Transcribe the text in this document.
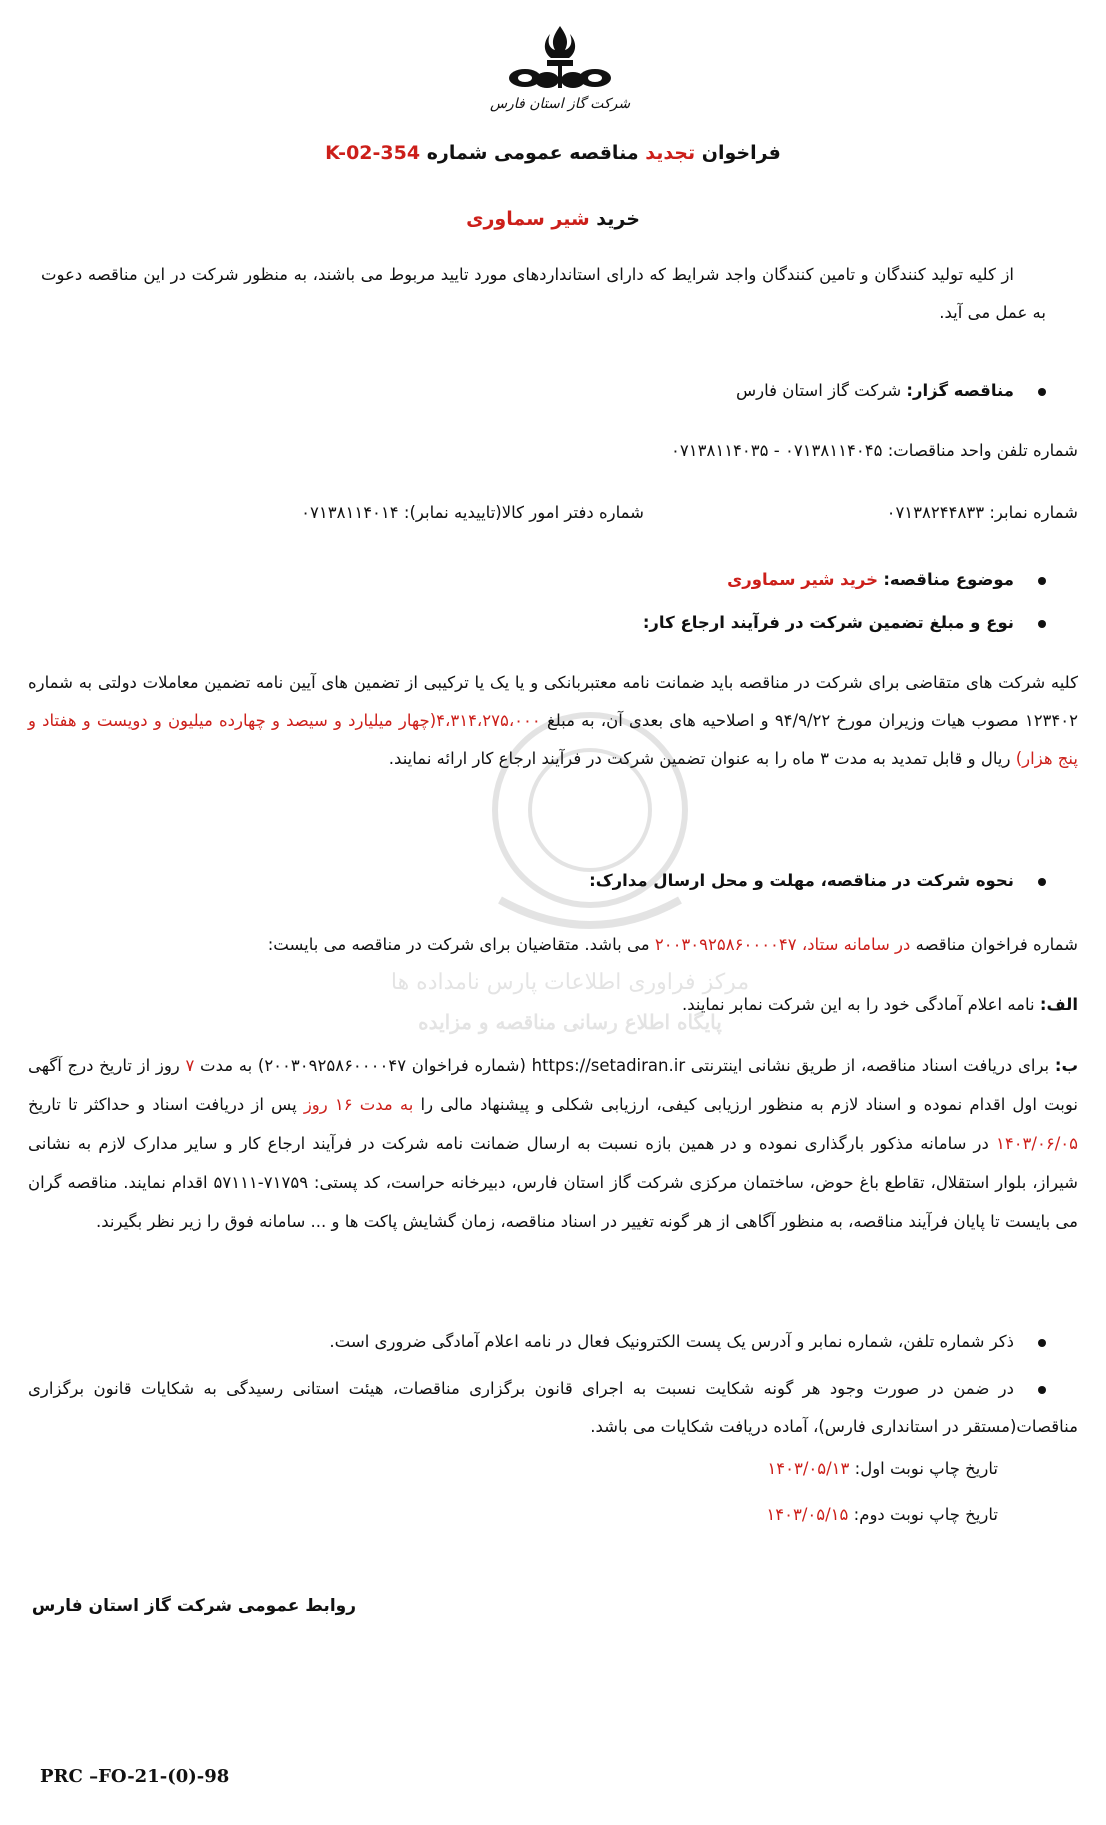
شرکت گاز استان فارس
مرکز فراوری اطلاعات پارس نامداده ها
پایگاه اطلاع رسانی مناقصه و مزایده
فراخوان تجدید مناقصه عمومی شماره K-02-354
خرید شیر سماوری
از کلیه تولید کنندگان و تامین کنندگان واجد شرایط که دارای استانداردهای مورد تایید مربوط می باشند، به منظور شرکت در این مناقصه دعوت به عمل می آید.
مناقصه گزار: شرکت گاز استان فارس
شماره تلفن واحد مناقصات: ۰۷۱۳۸۱۱۴۰۴۵ - ۰۷۱۳۸۱۱۴۰۳۵
شماره نمابر: ۰۷۱۳۸۲۴۴۸۳۳
شماره دفتر امور کالا(تاییدیه نمابر): ۰۷۱۳۸۱۱۴۰۱۴
موضوع مناقصه: خرید شیر سماوری
نوع و مبلغ تضمین شرکت در فرآیند ارجاع کار:
کلیه شرکت های متقاضی برای شرکت در مناقصه باید ضمانت نامه معتبربانکی و یا یک یا ترکیبی از تضمین های آیین نامه تضمین معاملات دولتی به شماره ۱۲۳۴۰۲ مصوب هیات وزیران مورخ ۹۴/۹/۲۲ و اصلاحیه های بعدی آن، به مبلغ ۴،۳۱۴،۲۷۵،۰۰۰(چهار میلیارد و سیصد و چهارده میلیون و دویست و هفتاد و پنج هزار) ریال و قابل تمدید به مدت ۳ ماه را به عنوان تضمین شرکت در فرآیند ارجاع کار ارائه نمایند.
نحوه شرکت در مناقصه، مهلت و محل ارسال مدارک:
شماره فراخوان مناقصه در سامانه ستاد، ۲۰۰۳۰۹۲۵۸۶۰۰۰۰۴۷ می باشد. متقاضیان برای شرکت در مناقصه می بایست:
الف: نامه اعلام آمادگی خود را به این شرکت نمابر نمایند.
ب: برای دریافت اسناد مناقصه، از طریق نشانی اینترنتی https://setadiran.ir (شماره فراخوان ۲۰۰۳۰۹۲۵۸۶۰۰۰۰۴۷) به مدت ۷ روز از تاریخ درج آگهی نوبت اول اقدام نموده و اسناد لازم به منظور ارزیابی کیفی، ارزیابی شکلی و پیشنهاد مالی را به مدت ۱۶ روز پس از دریافت اسناد و حداکثر تا تاریخ ۱۴۰۳/۰۶/۰۵ در سامانه مذکور بارگذاری نموده و در همین بازه نسبت به ارسال ضمانت نامه شرکت در فرآیند ارجاع کار و سایر مدارک لازم به نشانی شیراز، بلوار استقلال، تقاطع باغ حوض، ساختمان مرکزی شرکت گاز استان فارس، دبیرخانه حراست، کد پستی: ۷۱۷۵۹-۵۷۱۱۱ اقدام نمایند. مناقصه گران می بایست تا پایان فرآیند مناقصه، به منظور آگاهی از هر گونه تغییر در اسناد مناقصه، زمان گشایش پاکت ها و ... سامانه فوق را زیر نظر بگیرند.
ذکر شماره تلفن، شماره نمابر و آدرس یک پست الکترونیک فعال در نامه اعلام آمادگی ضروری است.
در ضمن در صورت وجود هر گونه شکایت نسبت به اجرای قانون برگزاری مناقصات، هیئت استانی رسیدگی به شکایات قانون برگزاری مناقصات(مستقر در استانداری فارس)، آماده دریافت شکایات می باشد.
تاریخ چاپ نوبت اول: ۱۴۰۳/۰۵/۱۳
تاریخ چاپ نوبت دوم: ۱۴۰۳/۰۵/۱۵
روابط عمومی شرکت گاز استان فارس
PRC –FO-21-(0)-98
